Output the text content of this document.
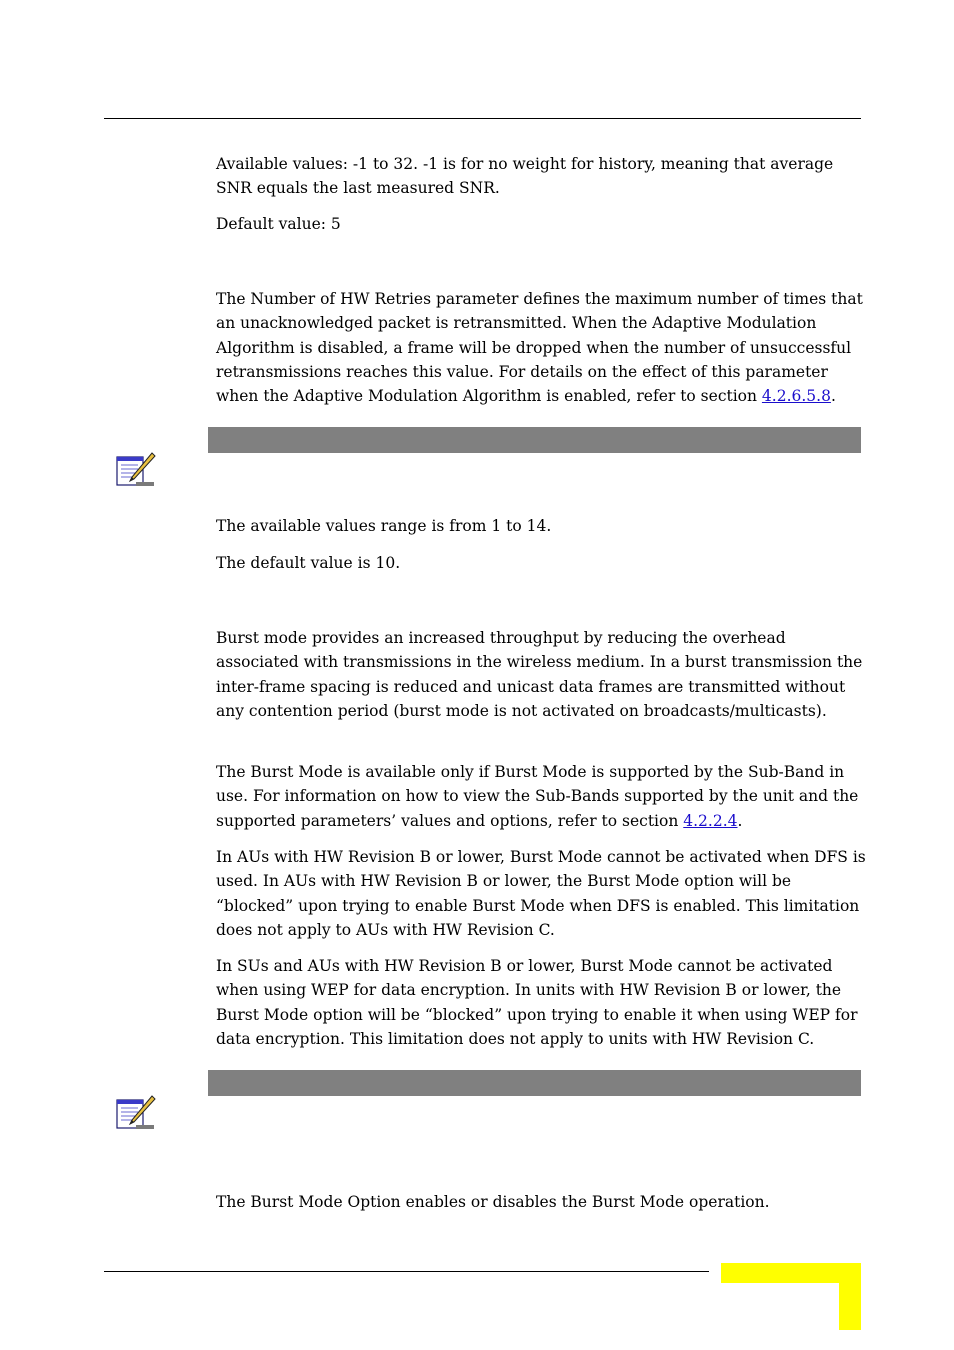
Available values: -1 to 32. -1 is for no weight for history, meaning that average SNR equals the last measured SNR.

Default value: 5

The Number of HW Retries parameter defines the maximum number of times that an unacknowledged packet is retransmitted. When the Adaptive Modulation Algorithm is disabled, a frame will be dropped when the number of unsuccessful retransmissions reaches this value. For details on the effect of this parameter when the Adaptive Modulation Algorithm is enabled, refer to section 4.2.6.5.8.

The available values range is from 1 to 14.

The default value is 10.

Burst mode provides an increased throughput by reducing the overhead associated with transmissions in the wireless medium. In a burst transmission the inter-frame spacing is reduced and unicast data frames are transmitted without any contention period (burst mode is not activated on broadcasts/multicasts).

The Burst Mode is available only if Burst Mode is supported by the Sub-Band in use. For information on how to view the Sub-Bands supported by the unit and the supported parameters’ values and options, refer to section 4.2.2.4.

In AUs with HW Revision B or lower, Burst Mode cannot be activated when DFS is used. In AUs with HW Revision B or lower, the Burst Mode option will be “blocked” upon trying to enable Burst Mode when DFS is enabled. This limitation does not apply to AUs with HW Revision C.

In SUs and AUs with HW Revision B or lower, Burst Mode cannot be activated when using WEP for data encryption. In units with HW Revision B or lower, the Burst Mode option will be “blocked” upon trying to enable it when using WEP for data encryption. This limitation does not apply to units with HW Revision C.

The Burst Mode Option enables or disables the Burst Mode operation.
